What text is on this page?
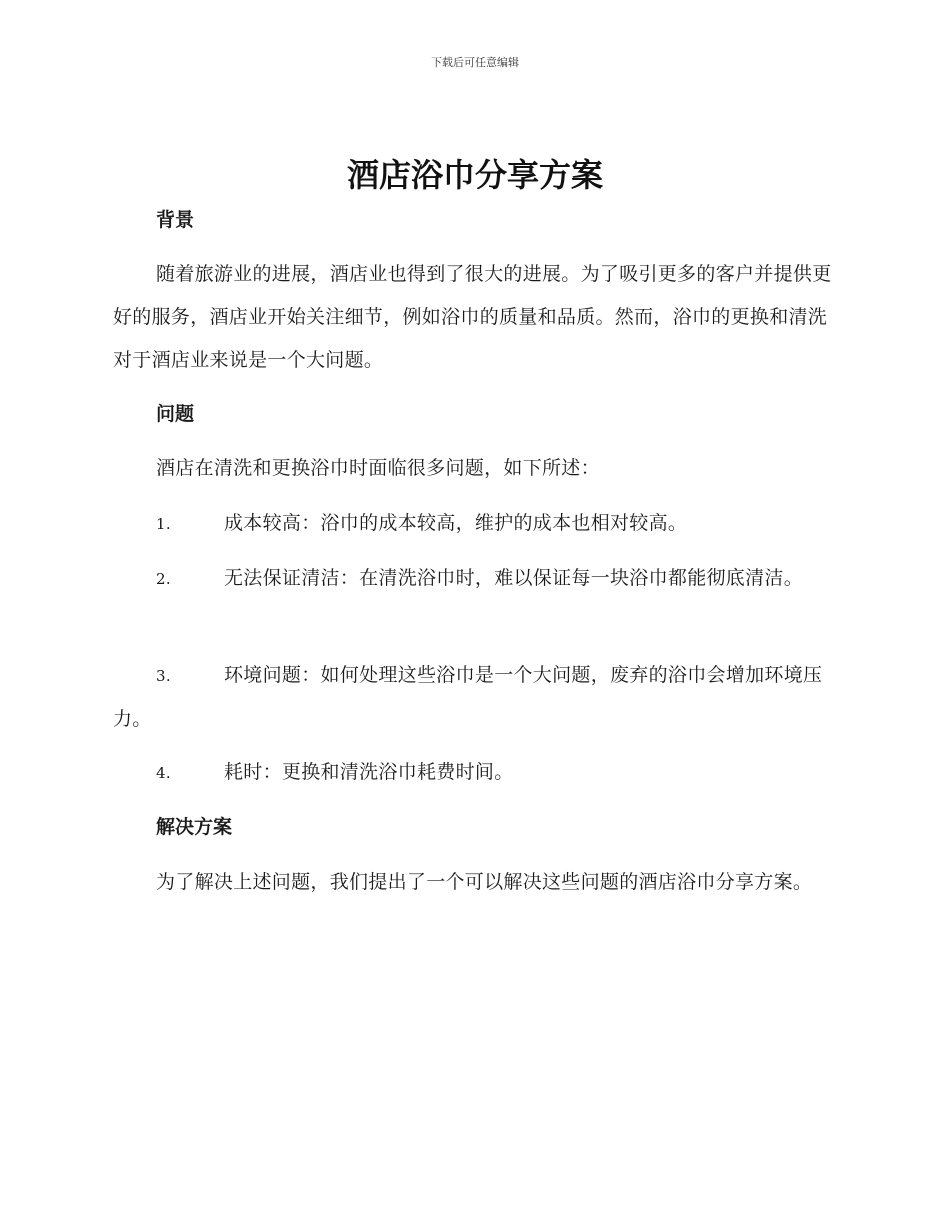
下载后可任意编辑
酒店浴巾分享方案
背景
随着旅游业的进展，酒店业也得到了很大的进展。为了吸引更多的客户并提供更好的服务，酒店业开始关注细节，例如浴巾的质量和品质。然而，浴巾的更换和清洗对于酒店业来说是一个大问题。
问题
酒店在清洗和更换浴巾时面临很多问题，如下所述：
1.	成本较高：浴巾的成本较高，维护的成本也相对较高。
2.	无法保证清洁：在清洗浴巾时，难以保证每一块浴巾都能彻底清洁。
3.	环境问题：如何处理这些浴巾是一个大问题，废弃的浴巾会增加环境压力。
4.	耗时：更换和清洗浴巾耗费时间。
解决方案
为了解决上述问题，我们提出了一个可以解决这些问题的酒店浴巾分享方案。
